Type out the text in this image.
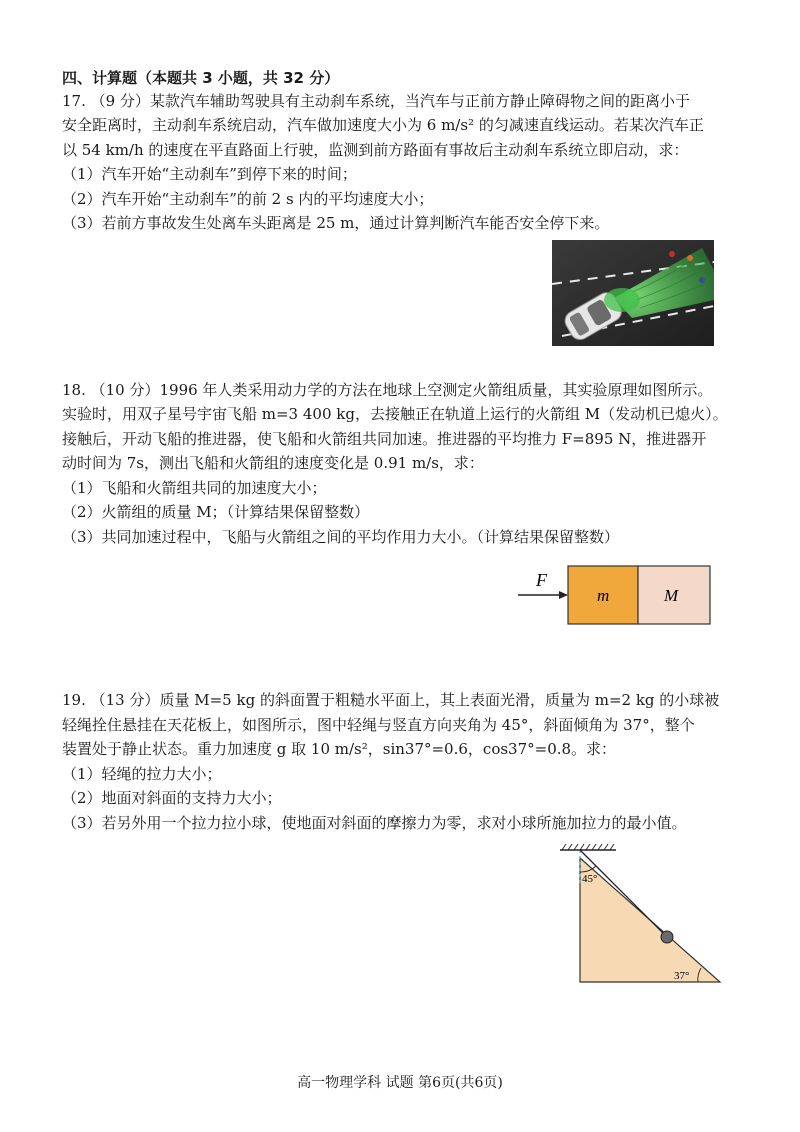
四、计算题（本题共 3 小题，共 32 分）
17. （9 分）某款汽车辅助驾驶具有主动刹车系统，当汽车与正前方静止障碍物之间的距离小于
安全距离时，主动刹车系统启动，汽车做加速度大小为 6 m/s² 的匀减速直线运动。若某次汽车正
以 54 km/h 的速度在平直路面上行驶，监测到前方路面有事故后主动刹车系统立即启动，求：
（1）汽车开始“主动刹车”到停下来的时间；
（2）汽车开始“主动刹车”的前 2 s 内的平均速度大小；
（3）若前方事故发生处离车头距离是 25 m，通过计算判断汽车能否安全停下来。
18. （10 分）1996 年人类采用动力学的方法在地球上空测定火箭组质量，其实验原理如图所示。
实验时，用双子星号宇宙飞船 m=3 400 kg，去接触正在轨道上运行的火箭组 M（发动机已熄火）。
接触后，开动飞船的推进器，使飞船和火箭组共同加速。推进器的平均推力 F=895 N，推进器开
动时间为 7s，测出飞船和火箭组的速度变化是 0.91 m/s，求：
（1）飞船和火箭组共同的加速度大小；
（2）火箭组的质量 M；（计算结果保留整数）
（3）共同加速过程中，飞船与火箭组之间的平均作用力大小。（计算结果保留整数）
F
m	M
19. （13 分）质量 M=5 kg 的斜面置于粗糙水平面上，其上表面光滑，质量为 m=2 kg 的小球被
轻绳拴住悬挂在天花板上，如图所示，图中轻绳与竖直方向夹角为 45°，斜面倾角为 37°，整个
装置处于静止状态。重力加速度 g 取 10 m/s²，sin37°=0.6，cos37°=0.8。求：
（1）轻绳的拉力大小；
（2）地面对斜面的支持力大小；
（3）若另外用一个拉力拉小球，使地面对斜面的摩擦力为零，求对小球所施加拉力的最小值。
45°
37°
高一物理学科 试题 第6页(共6页)
